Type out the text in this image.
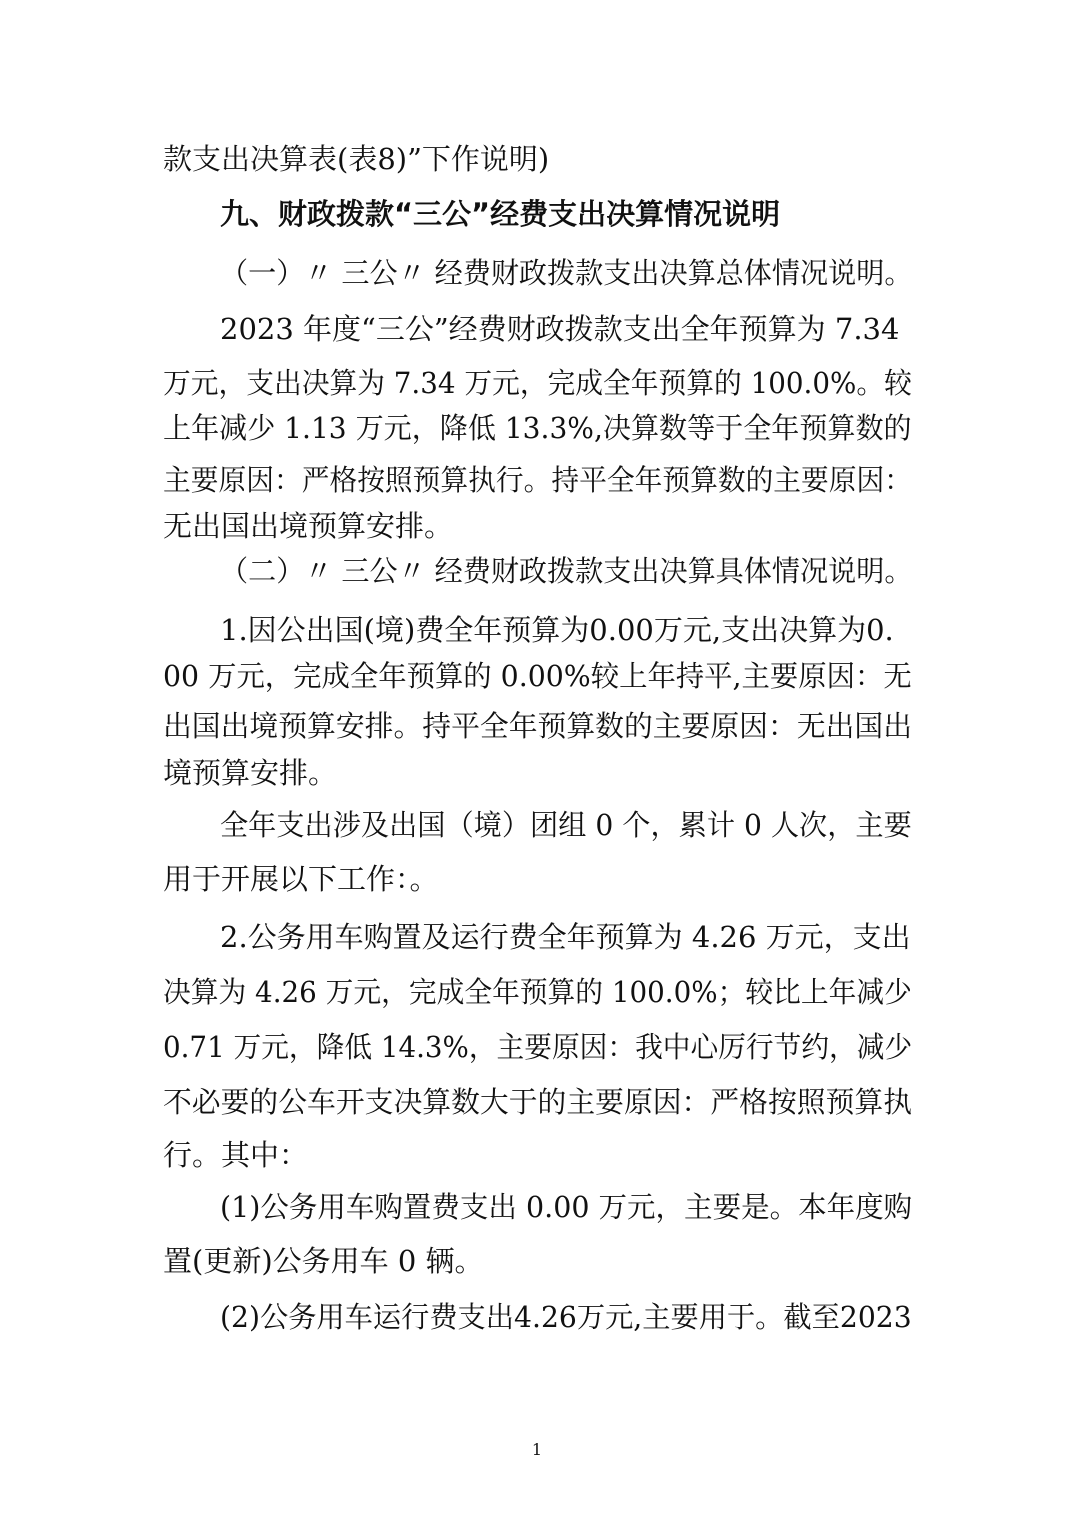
款支出决算表(表8)”下作说明)

九、财政拨款“三公”经费支出决算情况说明

（一）〃 三公〃 经费财政拨款支出决算总体情况说明。

2023 年度“三公”经费财政拨款支出全年预算为 7.34

万元，支出决算为 7.34 万元，完成全年预算的 100.0%。较

上年减少 1.13 万元，降低 13.3%,决算数等于全年预算数的

主要原因：严格按照预算执行。持平全年预算数的主要原因：

无出国出境预算安排。

（二）〃 三公〃 经费财政拨款支出决算具体情况说明。

1.因公出国(境)费全年预算为0.00万元,支出决算为0.

00 万元，完成全年预算的 0.00%较上年持平,主要原因：无

出国出境预算安排。持平全年预算数的主要原因：无出国出

境预算安排。

全年支出涉及出国（境）团组 0 个，累计 0 人次，主要

用于开展以下工作：。

2.公务用车购置及运行费全年预算为 4.26 万元，支出

决算为 4.26 万元，完成全年预算的 100.0%；较比上年减少

0.71 万元，降低 14.3%，主要原因：我中心厉行节约，减少

不必要的公车开支决算数大于的主要原因：严格按照预算执

行。其中：

(1)公务用车购置费支出 0.00 万元，主要是。本年度购

置(更新)公务用车 0 辆。

(2)公务用车运行费支出4.26万元,主要用于。截至2023

1
